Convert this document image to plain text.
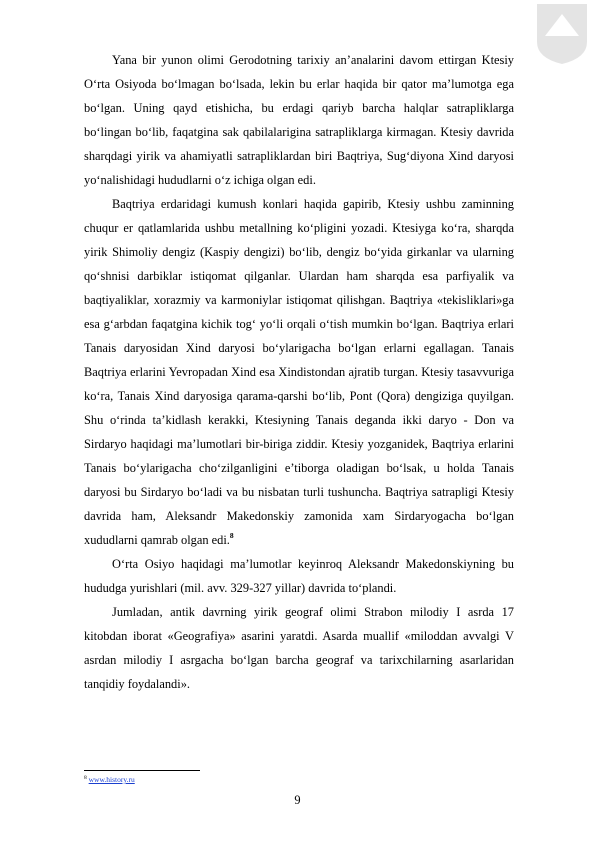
Yana bir yunon olimi Gerodotning tarixiy an’analarini davom ettirgan Ktesiy O‘rta Osiyoda bo‘lmagan bo‘lsada, lekin bu erlar haqida bir qator ma’lumotga ega bo‘lgan. Uning qayd etishicha, bu erdagi qariyb barcha halqlar satrapliklarga bo‘lingan bo‘lib, faqatgina sak qabilalarigina satrapliklarga kirmagan. Ktesiy davrida sharqdagi yirik va ahamiyatli satrapliklardan biri Baqtriya, Sug‘diyona Xind daryosi yo‘nalishidagi hududlarni o‘z ichiga olgan edi.

Baqtriya erdaridagi kumush konlari haqida gapirib, Ktesiy ushbu zaminning chuqur er qatlamlarida ushbu metallning ko‘pligini yozadi. Ktesiyga ko‘ra, sharqda yirik Shimoliy dengiz (Kaspiy dengizi) bo‘lib, dengiz bo‘yida girkanlar va ularning qo‘shnisi darbiklar istiqomat qilganlar. Ulardan ham sharqda esa parfiyalik va baqtiyaliklar, xorazmiy va karmoniylar istiqomat qilishgan. Baqtriya «tekisliklari»ga esa g‘arbdan faqatgina kichik tog‘ yo‘li orqali o‘tish mumkin bo‘lgan. Baqtriya erlari Tanais daryosidan Xind daryosi bo‘ylarigacha bo‘lgan erlarni egallagan. Tanais Baqtriya erlarini Yevropadan Xind esa Xindistondan ajratib turgan. Ktesiy tasavvuriga ko‘ra, Tanais Xind daryosiga qarama-qarshi bo‘lib, Pont (Qora) dengiziga quyilgan. Shu o‘rinda ta’kidlash kerakki, Ktesiyning Tanais deganda ikki daryo - Don va Sirdaryo haqidagi ma’lumotlari bir-biriga ziddir. Ktesiy yozganidek, Baqtriya erlarini Tanais bo‘ylarigacha cho‘zilganligini e’tiborga oladigan bo‘lsak, u holda Tanais daryosi bu Sirdaryo bo‘ladi va bu nisbatan turli tushuncha. Baqtriya satrapligi Ktesiy davrida ham, Aleksandr Makedonskiy zamonida xam Sirdaryogacha bo‘lgan xududlarni qamrab olgan edi.$^8$

O‘rta Osiyo haqidagi ma’lumotlar keyinroq Aleksandr Makedonskiyning bu hududga yurishlari (mil. avv. 329-327 yillar) davrida to‘plandi.

Jumladan, antik davrning yirik geograf olimi Strabon milodiy I asrda 17 kitobdan iborat «Geografiya» asarini yaratdi. Asarda muallif «miloddan avvalgi V asrdan milodiy I asrgacha bo‘lgan barcha geograf va tarixchilarning asarlaridan tanqidiy foydalandi».

$^8$ www.history.ru
9
